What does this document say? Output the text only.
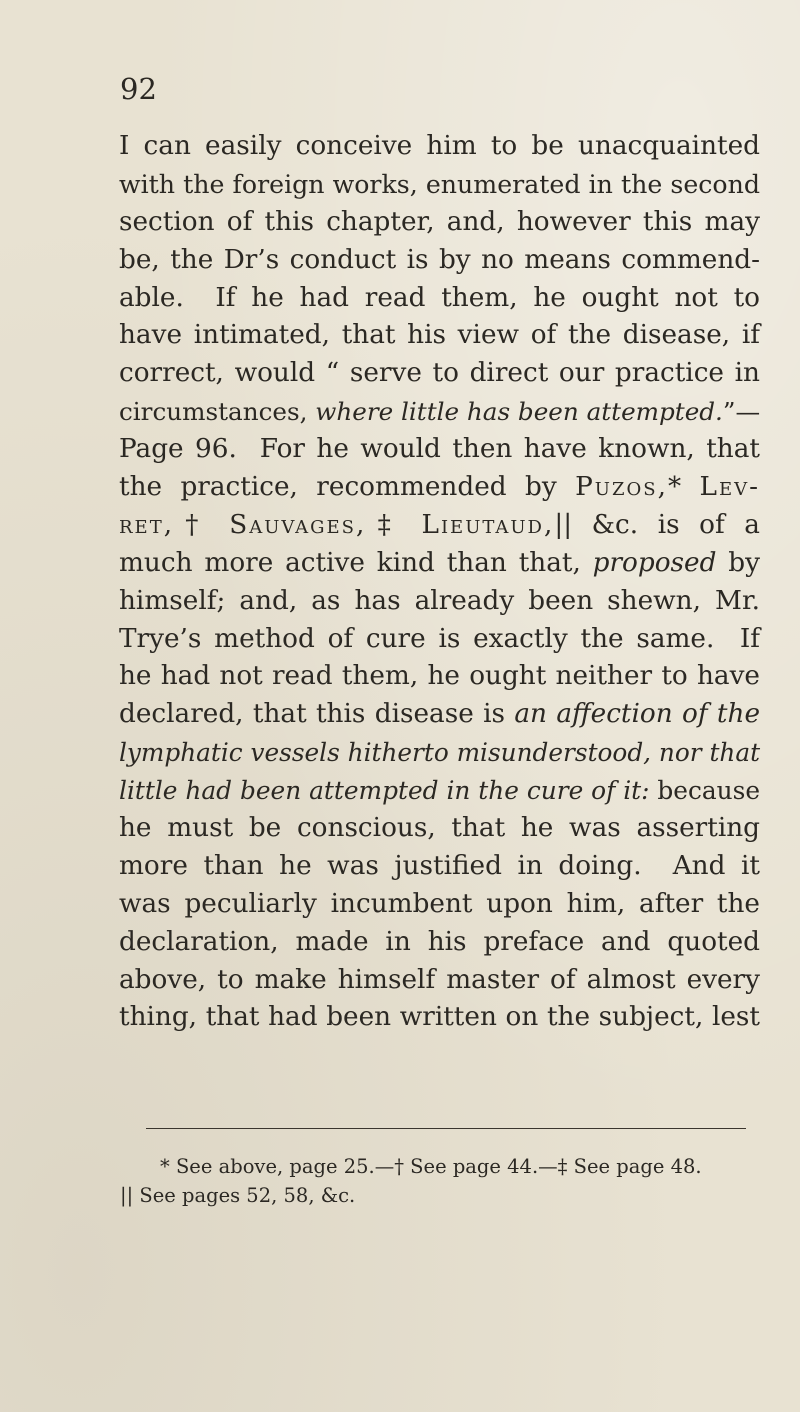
92
I can easily conceive him to be unacquainted
with the foreign works, enumerated in the second
section of this chapter, and, however this may
be, the Dr’s conduct is by no means commend-
able.  If he had read them, he ought not to
have intimated, that his view of the disease, if
correct, would “ serve to direct our practice in
circumstances, where little has been attempted.”—
Page 96.  For he would then have known, that
the practice, recommended by Puzos,* Lev-
ret,† Sauvages,‡ Lieutaud,|| &c. is of a
much more active kind than that, proposed by
himself; and, as has already been shewn, Mr.
Trye’s method of cure is exactly the same.  If
he had not read them, he ought neither to have
declared, that this disease is an affection of the
lymphatic vessels hitherto misunderstood, nor that
little had been attempted in the cure of it: because
he must be conscious, that he was asserting
more than he was justified in doing.  And it
was peculiarly incumbent upon him, after the
declaration, made in his preface and quoted
above, to make himself master of almost every
thing, that had been written on the subject, lest
* See above, page 25.—† See page 44.—‡ See page 48.
|| See pages 52, 58, &c.
